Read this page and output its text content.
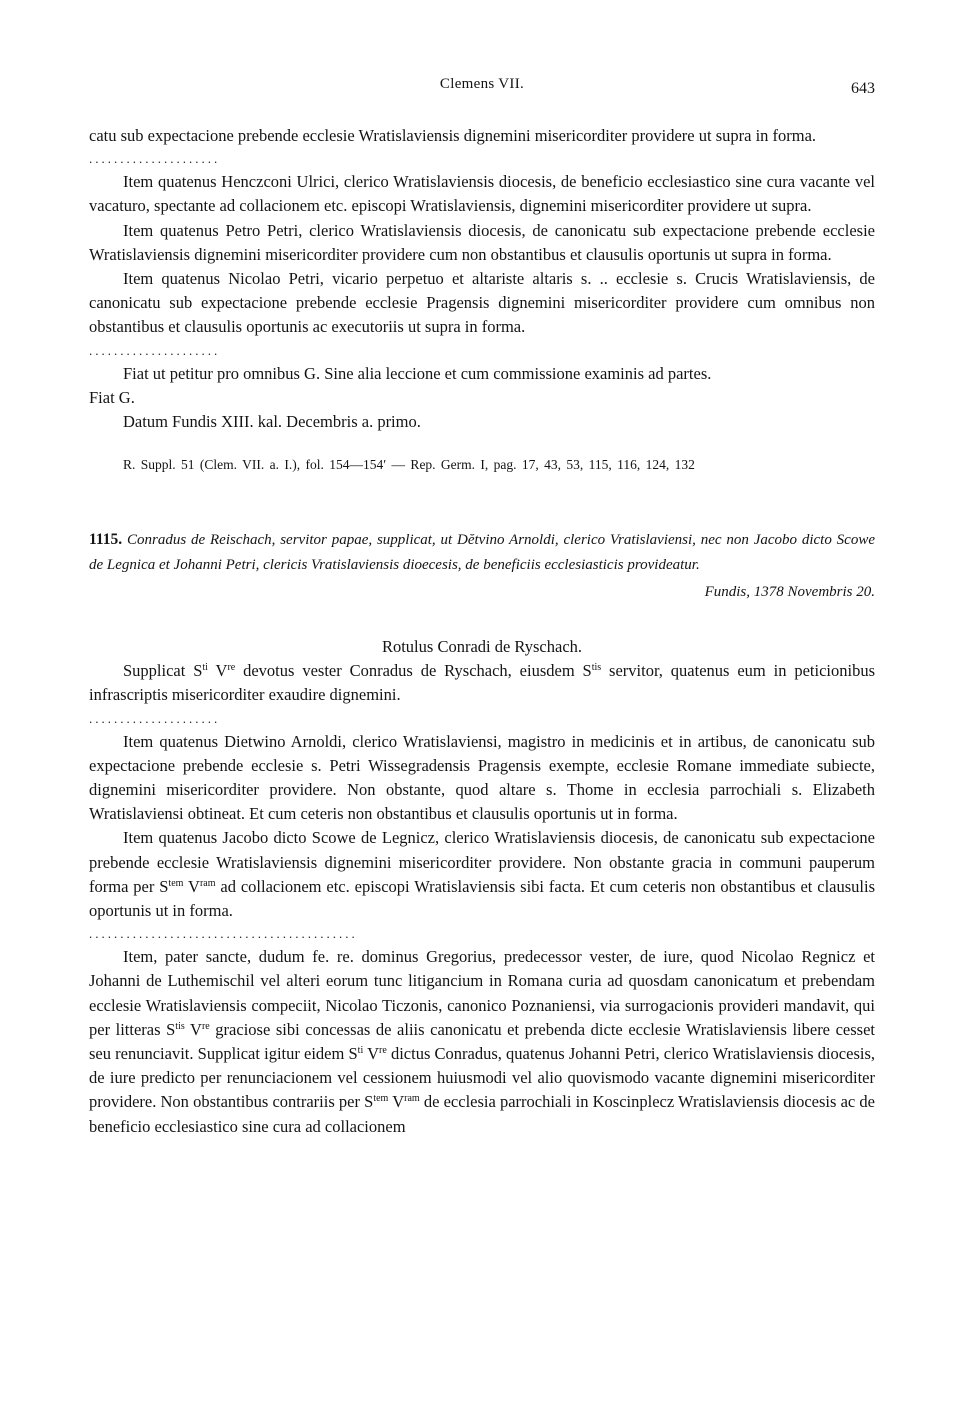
Clemens VII.	643

catu sub expectacione prebende ecclesie Wratislaviensis dignemini misericorditer providere ut supra in forma.

.....................

Item quatenus Henczconi Ulrici, clerico Wratislaviensis diocesis, de beneficio ecclesiastico sine cura vacante vel vacaturo, spectante ad collacionem etc. episcopi Wratislaviensis, dignemini misericorditer providere ut supra.

Item quatenus Petro Petri, clerico Wratislaviensis diocesis, de canonicatu sub expectacione prebende ecclesie Wratislaviensis dignemini misericorditer providere cum non obstantibus et clausulis oportunis ut supra in forma.

Item quatenus Nicolao Petri, vicario perpetuo et altariste altaris s. .. ecclesie s. Crucis Wratislaviensis, de canonicatu sub expectacione prebende ecclesie Pragensis dignemini misericorditer providere cum omnibus non obstantibus et clausulis oportunis ac executoriis ut supra in forma.

.....................

Fiat ut petitur pro omnibus G. Sine alia leccione et cum commissione examinis ad partes.

Fiat G.

Datum Fundis XIII. kal. Decembris a. primo.

R. Suppl. 51 (Clem. VII. a. I.), fol. 154—154′ — Rep. Germ. I, pag. 17, 43, 53, 115, 116, 124, 132
1115. Conradus de Reischach, servitor papae, supplicat, ut Dĕtvino Arnoldi, clerico Vratislaviensi, nec non Jacobo dicto Scowe de Legnica et Johanni Petri, clericis Vratislaviensis dioecesis, de beneficiis ecclesiasticis provideatur.
Fundis, 1378 Novembris 20.
Rotulus Conradi de Ryschach.

Supplicat $S^{ti}$ Vre devotus vester Conradus de Ryschach, eiusdem $S^{tis}$ servitor, quatenus eum in peticionibus infrascriptis misericorditer exaudire dignemini.

.....................

Item quatenus Dietwino Arnoldi, clerico Wratislaviensi, magistro in medicinis et in artibus, de canonicatu sub expectacione prebende ecclesie s. Petri Wissegradensis Pragensis exempte, ecclesie Romane immediate subiecte, dignemini misericorditer providere. Non obstante, quod altare s. Thome in ecclesia parrochiali s. Elizabeth Wratislaviensi obtineat. Et cum ceteris non obstantibus et clausulis oportunis ut in forma.

Item quatenus Jacobo dicto Scowe de Legnicz, clerico Wratislaviensis diocesis, de canonicatu sub expectacione prebende ecclesie Wratislaviensis dignemini misericorditer providere. Non obstante gracia in communi pauperum forma per $S^{tem}$ $V^{ram}$ ad collacionem etc. episcopi Wratislaviensis sibi facta. Et cum ceteris non obstantibus et clausulis oportunis ut in forma.

...........................................

Item, pater sancte, dudum fe. re. dominus Gregorius, predecessor vester, de iure, quod Nicolao Regnicz et Johanni de Luthemischil vel alteri eorum tunc litigancium in Romana curia ad quosdam canonicatum et prebendam ecclesie Wratislaviensis compeciit, Nicolao Ticzonis, canonico Poznaniensi, via surrogacionis provideri mandavit, qui per litteras $S^{tis}$ Vre graciose sibi concessas de aliis canonicatu et prebenda dicte ecclesie Wratislaviensis libere cesset seu renunciavit. Supplicat igitur eidem $S^{ti}$ Vre dictus Conradus, quatenus Johanni Petri, clerico Wratislaviensis diocesis, de iure predicto per renunciacionem vel cessionem huiusmodi vel alio quovismodo vacante dignemini misericorditer providere. Non obstantibus contrariis per $S^{tem}$ $V^{ram}$ de ecclesia parrochiali in Koscinplecz Wratislaviensis diocesis ac de beneficio ecclesiastico sine cura ad collacionem
